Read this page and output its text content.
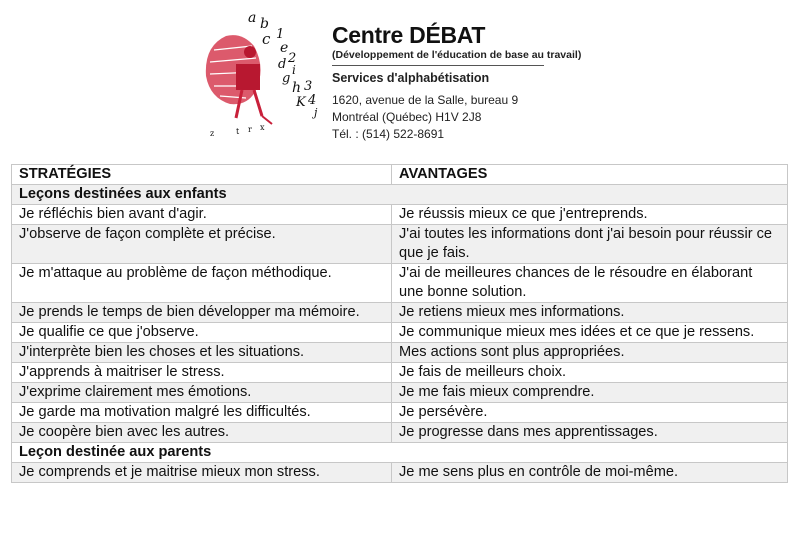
a b
c 1
e
2
d i
g
h 3
K 4
j
x
r
t
z
Centre DÉBAT
(Développement de l'éducation de base au travail)
Services d'alphabétisation
1620, avenue de la Salle, bureau 9
Montréal (Québec) H1V 2J8
Tél. : (514) 522-8691
STRATÉGIES	AVANTAGES
Leçons destinées aux enfants	
Je réfléchis bien avant d'agir.	Je réussis mieux ce que j'entreprends.
J'observe de façon complète et précise.	J'ai toutes les informations dont j'ai besoin pour réussir ce que je fais.
Je m'attaque au problème de façon méthodique.	J'ai de meilleures chances de le résoudre en élaborant une bonne solution.
Je prends le temps de bien développer ma mémoire.	Je retiens mieux mes informations.
Je qualifie ce que j'observe.	Je communique mieux mes idées et ce que je ressens.
J'interprète bien les choses et les situations.	Mes actions sont plus appropriées.
J'apprends à maitriser le stress.	Je fais de meilleurs choix.
J'exprime clairement mes émotions.	Je me fais mieux comprendre.
Je garde ma motivation malgré les difficultés.	Je persévère.
Je coopère bien avec les autres.	Je progresse dans mes apprentissages.
Leçon destinée aux parents	
Je comprends et je maitrise mieux mon stress.	Je me sens plus en contrôle de moi-même.
